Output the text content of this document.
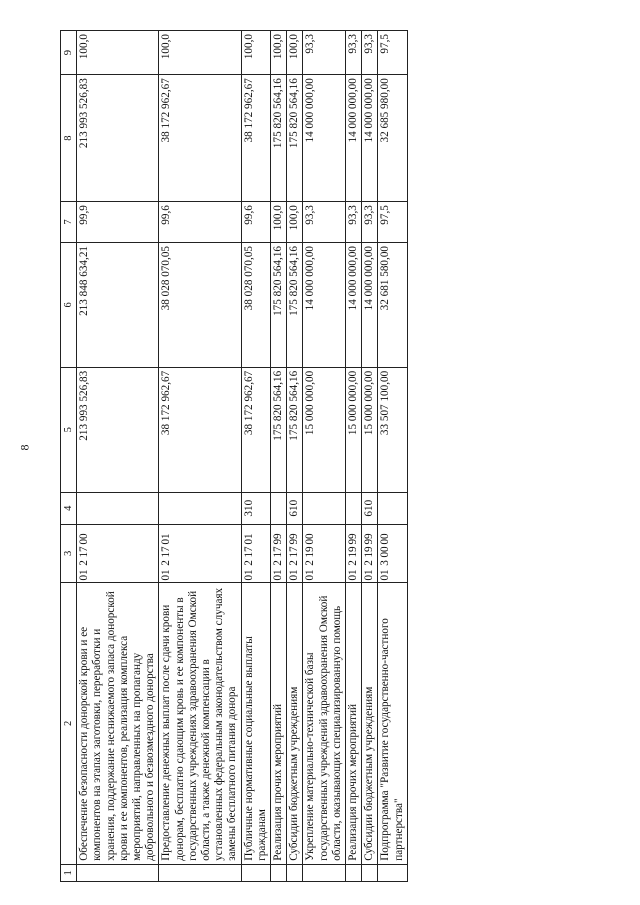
8
1	2	3	4	5	6	7	8	9
	Обеспечение безопасности донорской крови и ее компонентов на этапах заготовки, переработки и хранения, поддержание неснижаемого запаса донорской крови и ее компонентов, реализация комплекса мероприятий, направленных на пропаганду добровольного и безвозмездного донорства	0121700		213 993 526,83	213 848 634,21	99,9	213 993 526,83	100,0
	Предоставление денежных выплат после сдачи крови донорам, бесплатно сдающим кровь и ее компоненты в государственных учреждениях здравоохранения Омской области, а также денежной компенсации в установленных федеральным законодательством случаях замены бесплатного питания донора	0121701		38 172 962,67	38 028 070,05	99,6	38 172 962,67	100,0
	Публичные нормативные социальные выплаты гражданам	0121701	310	38 172 962,67	38 028 070,05	99,6	38 172 962,67	100,0
	Реализация прочих мероприятий	0121799		175 820 564,16	175 820 564,16	100,0	175 820 564,16	100,0
	Субсидии бюджетным учреждениям	0121799	610	175 820 564,16	175 820 564,16	100,0	175 820 564,16	100,0
	Укрепление материально-технической базы государственных учреждений здравоохранения Омской области, оказывающих специализированную помощь	0121900		15 000 000,00	14 000 000,00	93,3	14 000 000,00	93,3
	Реализация прочих мероприятий	0121999		15 000 000,00	14 000 000,00	93,3	14 000 000,00	93,3
	Субсидии бюджетным учреждениям	0121999	610	15 000 000,00	14 000 000,00	93,3	14 000 000,00	93,3
	Подпрограмма "Развитие государственно-частного партнерства"	0130000		33 507 100,00	32 681 580,00	97,5	32 685 980,00	97,5
